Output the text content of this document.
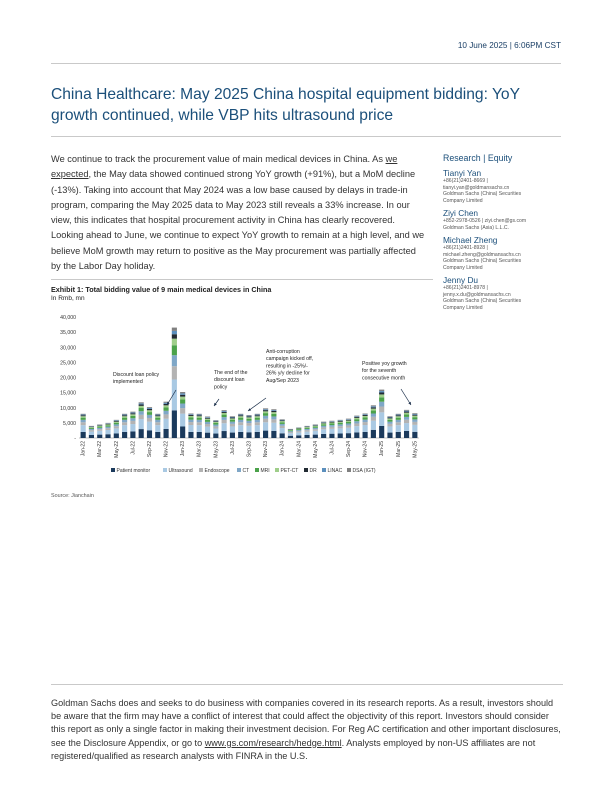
10 June 2025 | 6:06PM CST
China Healthcare: May 2025 China hospital equipment bidding: YoY growth continued, while VBP hits ultrasound price
We continue to track the procurement value of main medical devices in China. As we expected, the May data showed continued strong YoY growth (+91%), but a MoM decline (-13%). Taking into account that May 2024 was a low base caused by delays in trade-in program, comparing the May 2025 data to May 2023 still reveals a 33% increase. In our view, this indicates that hospital procurement activity in China has clearly recovered. Looking ahead to June, we continue to expect YoY growth to remain at a high level, and we believe MoM growth may return to positive as the May procurement was partially affected by the Labor Day holiday.
Research | Equity
Tianyi Yan
+86(21)2401-8669 |
tianyi.yan@goldmansachs.cn
Goldman Sachs (China) Securities
Company Limited
Ziyi Chen
+852-2978-0526 | ziyi.chen@gs.com
Goldman Sachs (Asia) L.L.C.
Michael Zheng
+86(21)2401-8928 |
michael.zheng@goldmansachs.cn
Goldman Sachs (China) Securities
Company Limited
Jenny Du
+86(21)2401-8978 |
jenny.x.du@goldmansachs.cn
Goldman Sachs (China) Securities
Company Limited
Exhibit 1: Total bidding value of 9 main medical devices in China
In Rmb, mn
-
5,000
10,000
15,000
20,000
25,000
30,000
35,000
40,000
Jan-22 Mar-22 May-22 Jul-22 Sep-22 Nov-22 Jan-23 Mar-23 May-23 Jul-23 Sep-23 Nov-23 Jan-24 Mar-24 May-24 Jul-24 Sep-24 Nov-24 Jan-25 Mar-25 May-25
Discount loan policy
implemented
The end of the
discount loan
policy
Anti-corruption
campaign kicked off,
resulting in -25%/-
26% y/y decline for
Aug/Sep 2023
Positive yoy growth
for the seventh
consecutive month
Patient monitor	Ultrasound Endoscope	CT MRI PET-CT DR LINAC DSA (IGT)
Source: Jianchain
Goldman Sachs does and seeks to do business with companies covered in its research reports. As a result, investors should be aware that the firm may have a conflict of interest that could affect the objectivity of this report. Investors should consider this report as only a single factor in making their investment decision. For Reg AC certification and other important disclosures, see the Disclosure Appendix, or go to www.gs.com/research/hedge.html. Analysts employed by non-US affiliates are not registered/qualified as research analysts with FINRA in the U.S.
